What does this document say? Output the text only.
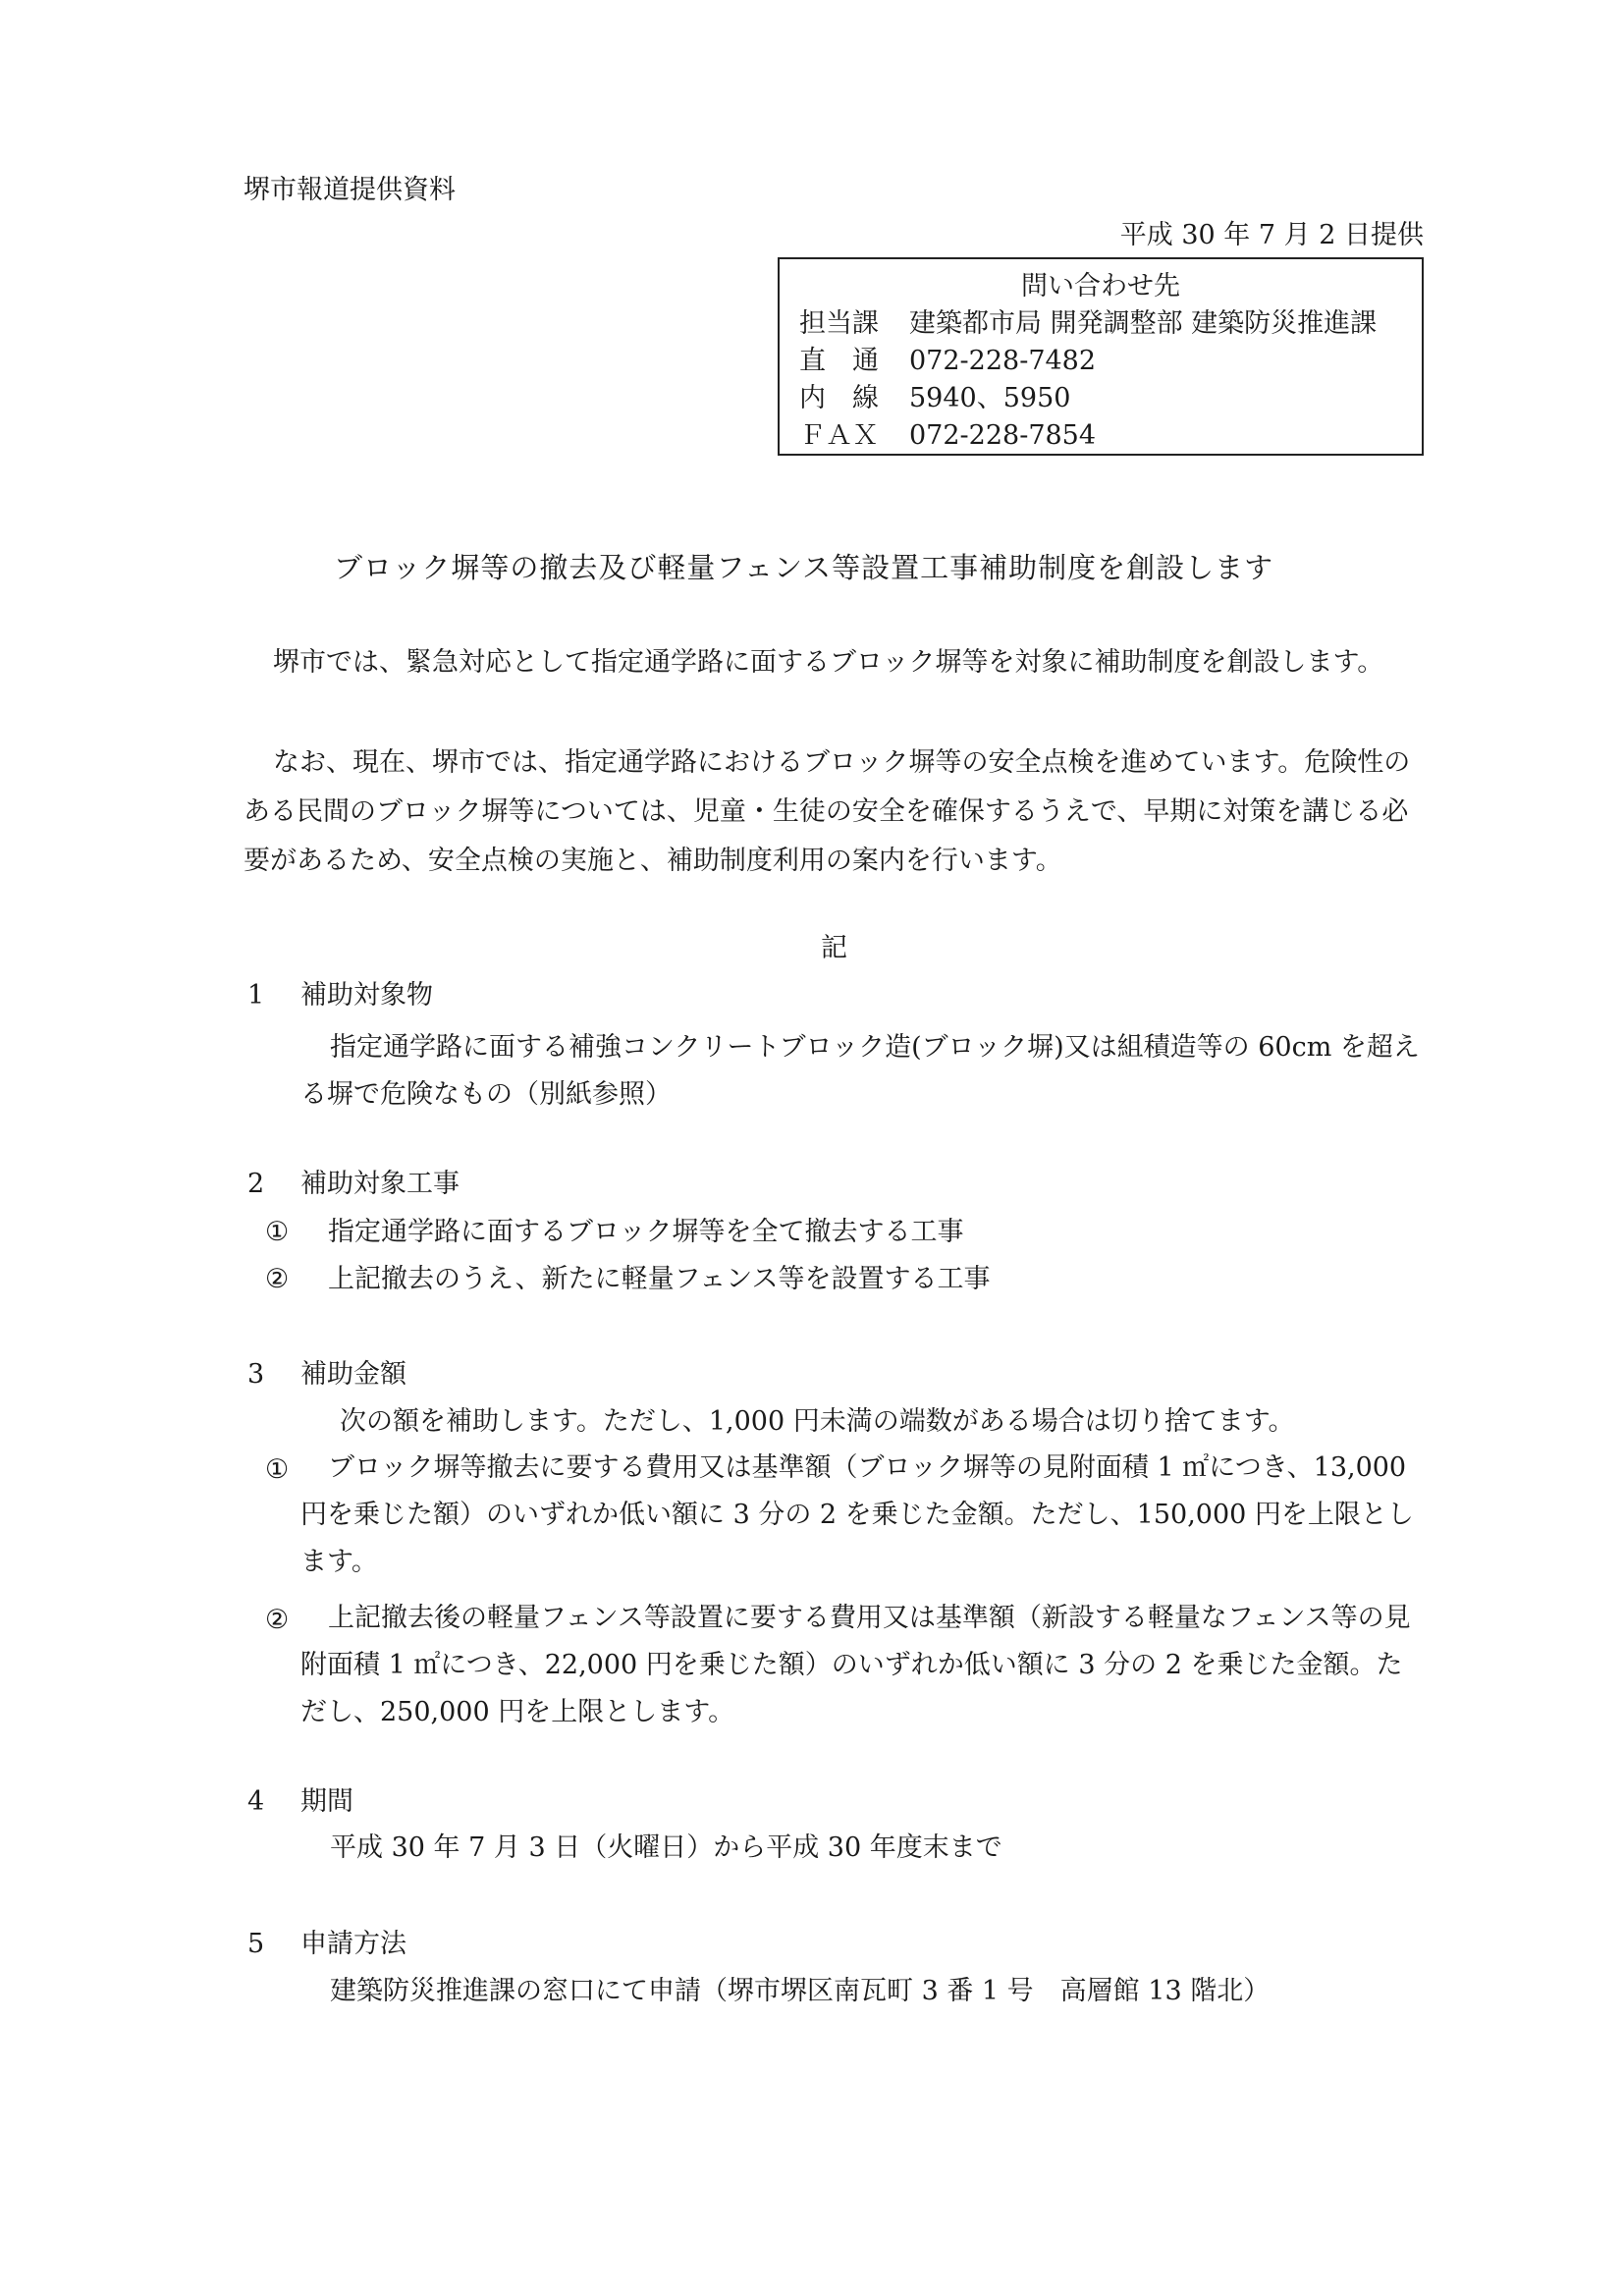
堺市報道提供資料
平成 30 年 7 月 2 日提供
問い合わせ先
担当課 建築都市局 開発調整部 建築防災推進課
直　通 072-228-7482
内　線 5940、5950
ＦＡＸ 072-228-7854
ブロック塀等の撤去及び軽量フェンス等設置工事補助制度を創設します
堺市では、緊急対応として指定通学路に面するブロック塀等を対象に補助制度を創設します。
なお、現在、堺市では、指定通学路におけるブロック塀等の安全点検を進めています。危険性のある民間のブロック塀等については、児童・生徒の安全を確保するうえで、早期に対策を講じる必要があるため、安全点検の実施と、補助制度利用の案内を行います。
記
1 補助対象物
指定通学路に面する補強コンクリートブロック造(ブロック塀)又は組積造等の 60cm を超える塀で危険なもの（別紙参照）
2 補助対象工事
① 指定通学路に面するブロック塀等を全て撤去する工事
② 上記撤去のうえ、新たに軽量フェンス等を設置する工事
3 補助金額
次の額を補助します。ただし、1,000 円未満の端数がある場合は切り捨てます。
①	ブロック塀等撤去に要する費用又は基準額（ブロック塀等の見附面積 1 ㎡につき、13,000 円を乗じた額）のいずれか低い額に 3 分の 2 を乗じた金額。ただし、150,000 円を上限とします。
②	上記撤去後の軽量フェンス等設置に要する費用又は基準額（新設する軽量なフェンス等の見附面積 1 ㎡につき、22,000 円を乗じた額）のいずれか低い額に 3 分の 2 を乗じた金額。ただし、250,000 円を上限とします。
4 期間
平成 30 年 7 月 3 日（火曜日）から平成 30 年度末まで
5 申請方法
建築防災推進課の窓口にて申請（堺市堺区南瓦町 3 番 1 号　高層館 13 階北）
